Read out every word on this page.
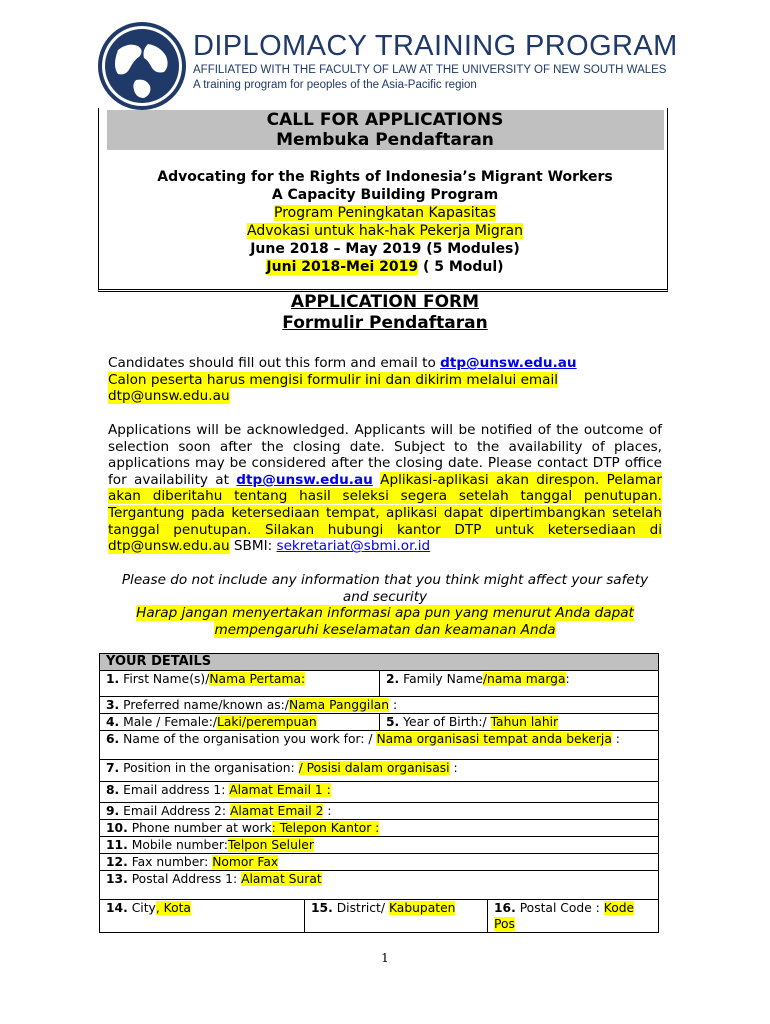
DIPLOMACY TRAINING PROGRAM
AFFILIATED WITH THE FACULTY OF LAW AT THE UNIVERSITY OF NEW SOUTH WALES
A training program for peoples of the Asia-Pacific region
CALL FOR APPLICATIONS
Membuka Pendaftaran
Advocating for the Rights of Indonesia’s Migrant Workers
A Capacity Building Program
Program Peningkatan Kapasitas
Advokasi untuk hak-hak Pekerja Migran
June 2018 – May 2019 (5 Modules)
Juni 2018-Mei 2019 ( 5 Modul)
APPLICATION FORM
Formulir Pendaftaran
Candidates should fill out this form and email to dtp@unsw.edu.au
Calon peserta harus mengisi formulir ini dan dikirim melalui email
dtp@unsw.edu.au
Applications will be acknowledged. Applicants will be notified of the outcome of selection soon after the closing date. Subject to the availability of places, applications may be considered after the closing date. Please contact DTP office for availability at dtp@unsw.edu.au Aplikasi-aplikasi akan direspon. Pelamar akan diberitahu tentang hasil seleksi segera setelah tanggal penutupan. Tergantung pada ketersediaan tempat, aplikasi dapat dipertimbangkan setelah tanggal penutupan. Silakan hubungi kantor DTP untuk ketersediaan di dtp@unsw.edu.au SBMI: sekretariat@sbmi.or.id
Please do not include any information that you think might affect your safety and security
Harap jangan menyertakan informasi apa pun yang menurut Anda dapat mempengaruhi keselamatan dan keamanan Anda
YOUR DETAILS			
1. First Name(s)/Nama Pertama:		2. Family Name/nama marga:	
3. Preferred name/known as:/Nama Panggilan :			
4. Male / Female:/Laki/perempuan		5. Year of Birth:/ Tahun lahir	
6. Name of the organisation you work for: / Nama organisasi tempat anda bekerja :			
7. Position in the organisation: / Posisi dalam organisasi :			
8. Email address 1: Alamat Email 1 :			
9. Email Address 2: Alamat Email 2 :			
10. Phone number at work: Telepon Kantor :			
11. Mobile number:Telpon Seluler			
12. Fax number: Nomor Fax			
13. Postal Address 1: Alamat Surat			
14. City, Kota	15. District/ Kabupaten		16. Postal Code : Kode Pos
1
